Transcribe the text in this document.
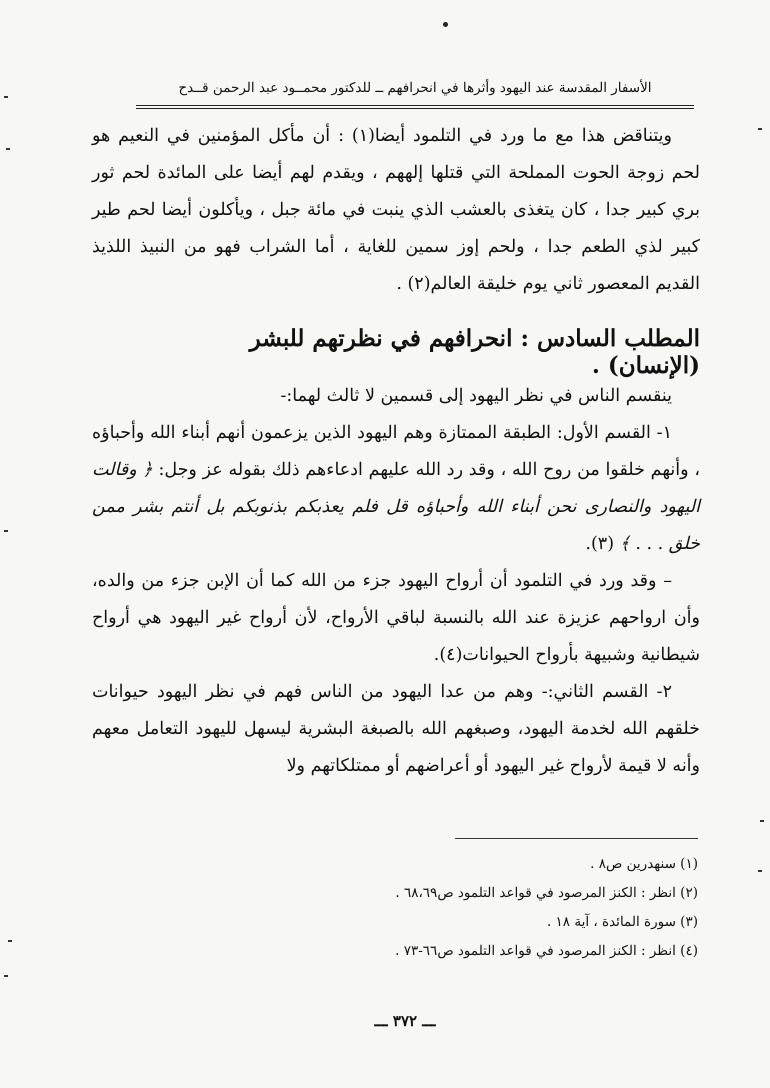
الأسفار المقدسة عند اليهود وأثرها في انحرافهم ــ للدكتور محمــود عبد الرحمن قــدح

ويتناقض هذا مع ما ورد في التلمود أيضا(١) : أن مأكل المؤمنين في النعيم هو لحم زوجة الحوت المملحة التي قتلها إلههم ، ويقدم لهم أيضا على المائدة لحم ثور بري كبير جدا ، كان يتغذى بالعشب الذي ينبت في مائة جبل ، ويأكلون أيضا لحم طير كبير لذي الطعم جدا ، ولحم إوز سمين للغاية ، أما الشراب فهو من النبيذ اللذيذ القديم المعصور ثاني يوم خليقة العالم(٢) .

المطلب السادس : انحرافهم في نظرتهم للبشر (الإنسان) .

ينقسم الناس في نظر اليهود إلى قسمين لا ثالث لهما:-

١- القسم الأول: الطبقة الممتازة وهم اليهود الذين يزعمون أنهم أبناء الله وأحباؤه ، وأنهم خلقوا من روح الله ، وقد رد الله عليهم ادعاءهم ذلك بقوله عز وجل: ﴿ وقالت اليهود والنصارى نحن أبناء الله وأحباؤه قل فلم يعذبكم بذنوبكم بل أنتم بشر ممن خلق . . . ﴾ (٣).

– وقد ورد في التلمود أن أرواح اليهود جزء من الله كما أن الإبن جزء من والده، وأن ارواحهم عزيزة عند الله بالنسبة لباقي الأرواح، لأن أرواح غير اليهود هي أرواح شيطانية وشبيهة بأرواح الحيوانات(٤).

٢- القسم الثاني:- وهم من عدا اليهود من الناس فهم في نظر اليهود حيوانات خلقهم الله لخدمة اليهود، وصبغهم الله بالصبغة البشرية ليسهل لليهود التعامل معهم وأنه لا قيمة لأرواح غير اليهود أو أعراضهم أو ممتلكاتهم ولا

(١) سنهدرين ص٨ .
(٢) انظر : الكنز المرصود في قواعد التلمود ص٦٨،٦٩ .
(٣) سورة المائدة ، آية ١٨ .
(٤) انظر : الكنز المرصود في قواعد التلمود ص٦٦-٧٣ .
ـــ ٣٧٢ ـــ
